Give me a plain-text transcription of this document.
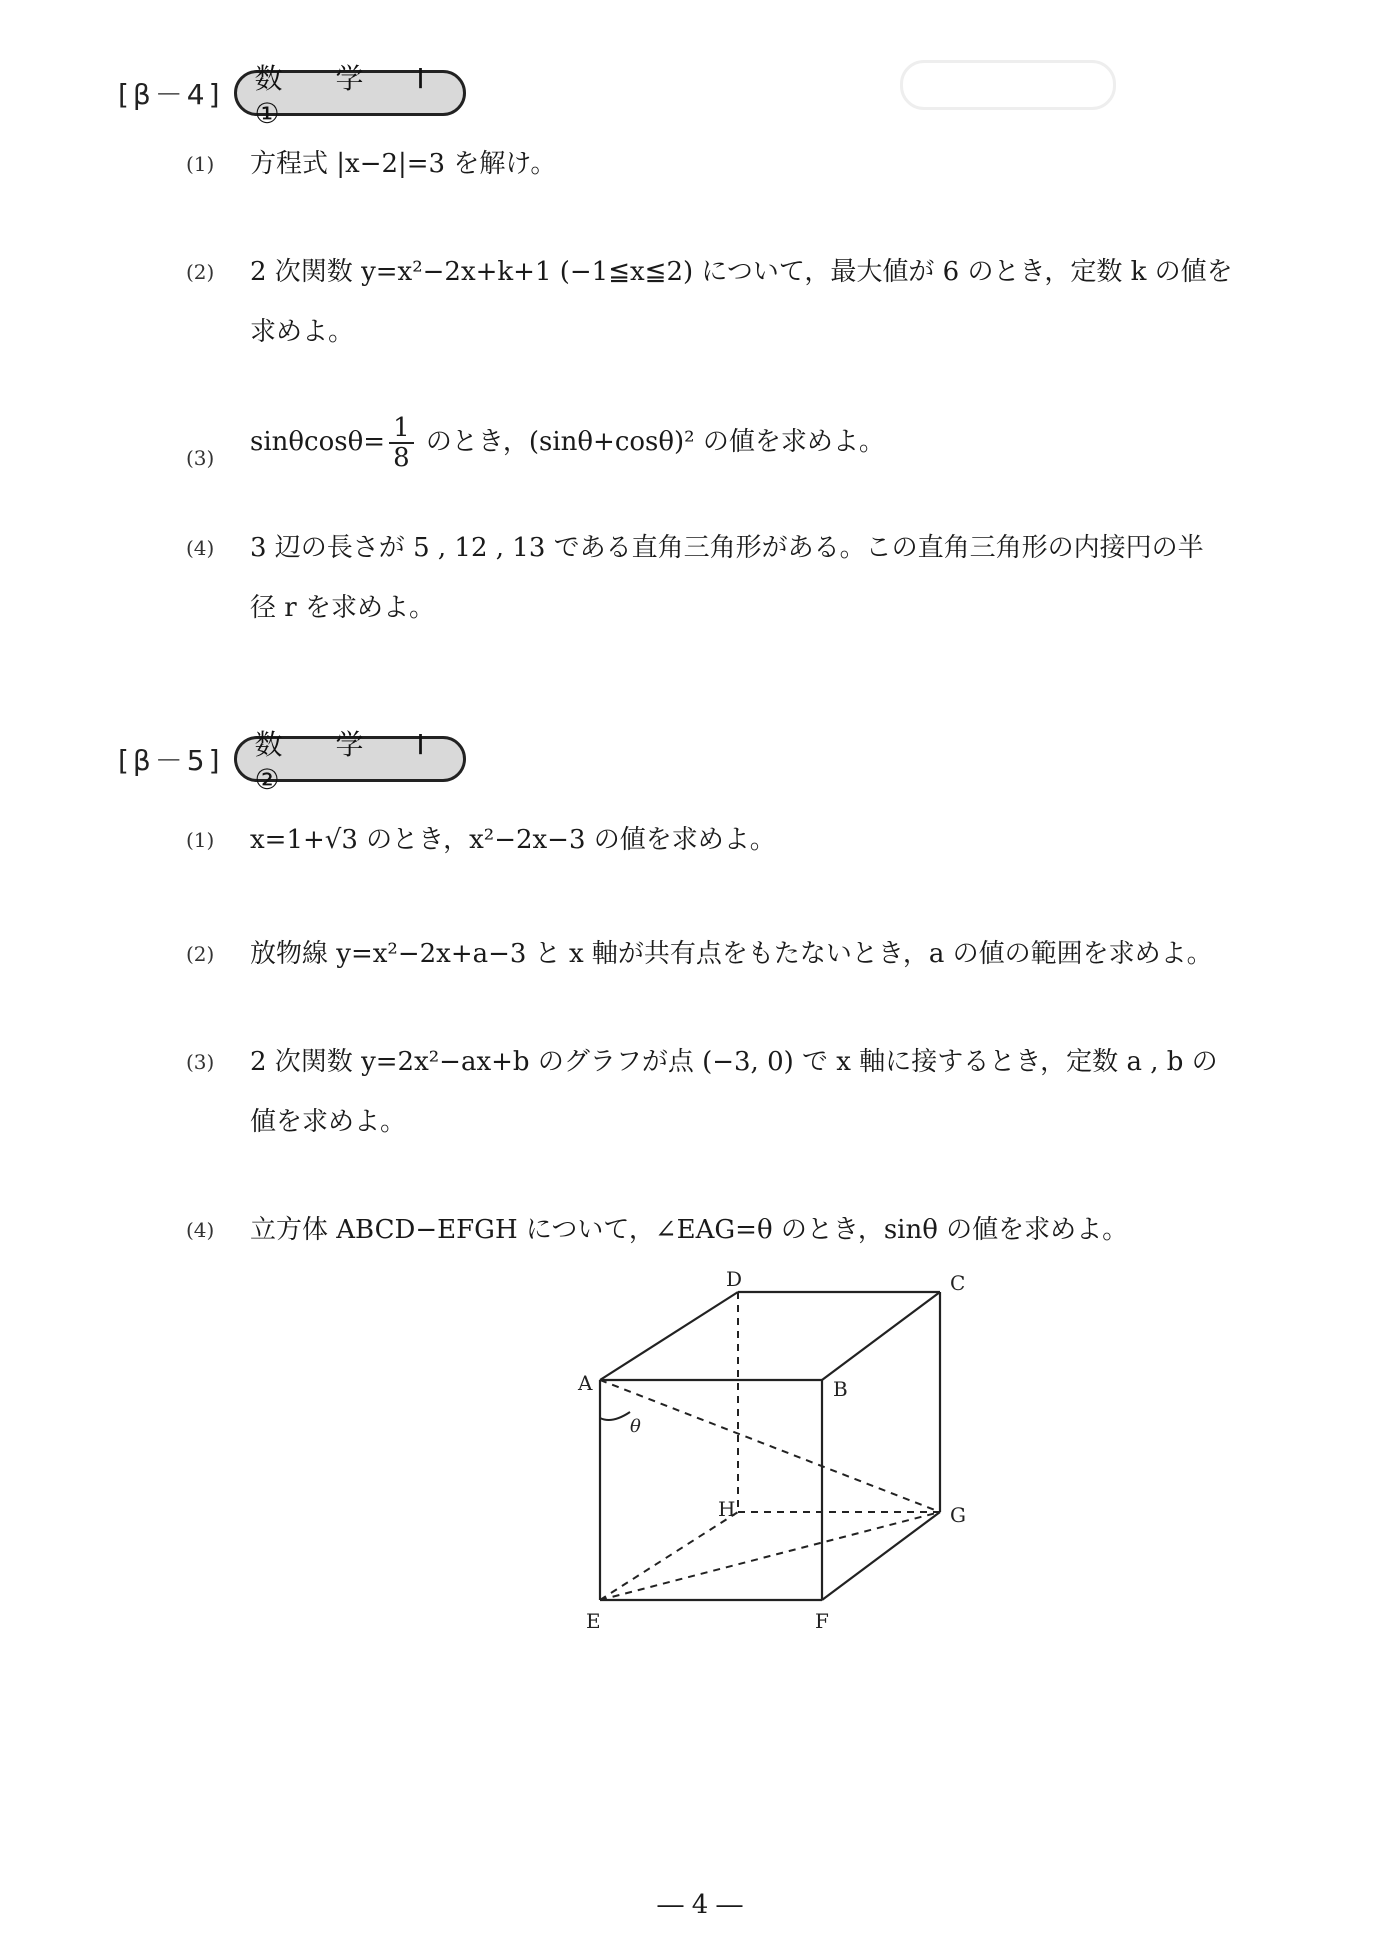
[β－4]	数 学 Ⅰ ①
(1) 方程式 |x−2|=3 を解け。
(2) 2 次関数 y=x²−2x+k+1 (−1≦x≦2) について，最大値が 6 のとき，定数 k の値を
求めよ。
(3)
$\sin\theta\cos\theta= \frac{1}{8}$ のとき，(sinθ+cosθ)² の値を求めよ。
(4) 3 辺の長さが 5 , 12 , 13 である直角三角形がある。この直角三角形の内接円の半
径 r を求めよ。
[β－5]	数 学 Ⅰ ②
(1) x=1+√3 のとき，x²−2x−3 の値を求めよ。
(2) 放物線 y=x²−2x+a−3 と x 軸が共有点をもたないとき，a の値の範囲を求めよ。
(3) 2 次関数 y=2x²−ax+b のグラフが点 (−3, 0) で x 軸に接するとき，定数 a , b の
値を求めよ。
(4) 立方体 ABCD−EFGH について，∠EAG=θ のとき，sinθ の値を求めよ。
A	B
C
D
E	F
G
H
θ
― 4 ―
